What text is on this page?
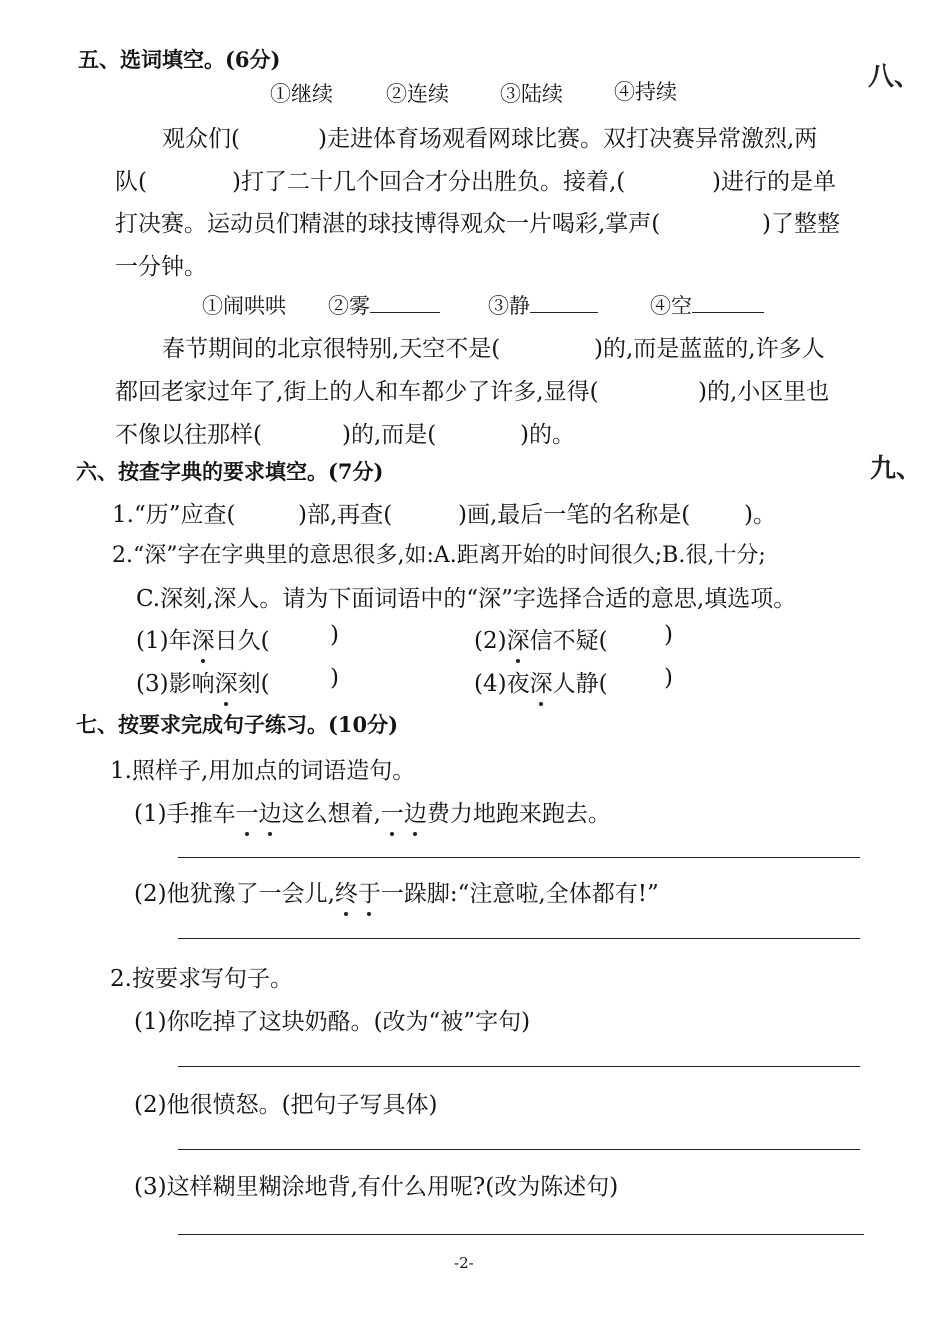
八、
九、
五、选词填空。(6分)
①继续	②连续 ③陆续 ④持续
观众们(	)走进体育场观看网球比赛。双打决赛异常激烈,两
队(	)打了二十几个回合才分出胜负。接着,(	)进行的是单
打决赛。运动员们精湛的球技博得观众一片喝彩,掌声(	)了整整
一分钟。
①闹哄哄 ②雾	③静	④空
春节期间的北京很特别,天空不是(	)的,而是蓝蓝的,许多人
都回老家过年了,街上的人和车都少了许多,显得(	)的,小区里也
不像以往那样(	)的,而是(	)的。
六、按查字典的要求填空。(7分)
1.“历”应查(	)部,再查(	)画,最后一笔的名称是( )。
2.“深”字在字典里的意思很多,如:A.距离开始的时间很久;B.很,十分;
C.深刻,深人。请为下面词语中的“深”字选择合适的意思,填选项。
(1)年深日久(	)	(2)深信不疑( )
(3)影响深刻(	)	(4)夜深人静( )
七、按要求完成句子练习。(10分)
1.照样子,用加点的词语造句。
(1)手推车一边这么想着,一边费力地跑来跑去。
(2)他犹豫了一会儿,终于一跺脚:“注意啦,全体都有!”
2.按要求写句子。
(1)你吃掉了这块奶酪。(改为“被”字句)
(2)他很愤怒。(把句子写具体)
(3)这样糊里糊涂地背,有什么用呢?(改为陈述句)
-2-
